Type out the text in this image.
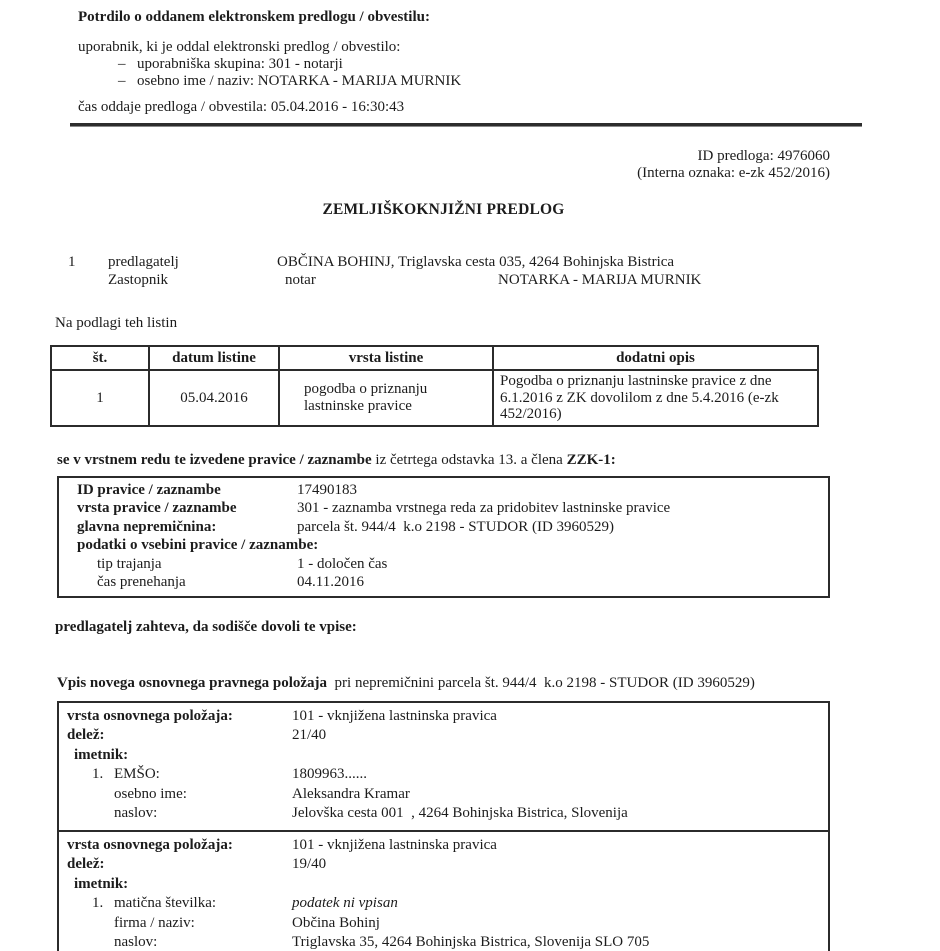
Potrdilo o oddanem elektronskem predlogu / obvestilu:

uporabnik, ki je oddal elektronski predlog / obvestilo:

– uporabniška skupina: 301 - notarji
– osebno ime / naziv: NOTARKA - MARIJA MURNIK

čas oddaje predloga / obvestila: 05.04.2016 - 16:30:43

ID predloga: 4976060

(Interna oznaka: e-zk 452/2016)

ZEMLJIŠKOKNJIŽNI PREDLOG
1 predlagatelj	OBČINA BOHINJ, Triglavska cesta 035, 4264 Bohinjska Bistrica
Zastopnik	notar	NOTARKA - MARIJA MURNIK

Na podlagi teh listin

št.	datum listine	vrsta listine	dodatni opis
1	05.04.2016	pogodba o priznanju lastninske pravice	Pogodba o priznanju lastninske pravice z dne 6.1.2016 z ZK dovolilom z dne 5.4.2016 (e-zk 452/2016)

se v vrstnem redu te izvedene pravice / zaznambe iz četrtega odstavka 13. a člena ZZK-1:

ID pravice / zaznambe	17490183
vrsta pravice / zaznambe	301 - zaznamba vrstnega reda za pridobitev lastninske pravice
glavna nepremičnina:	parcela št. 944/4  k.o 2198 - STUDOR (ID 3960529)
podatki o vsebini pravice / zaznambe:
tip trajanja	1 - določen čas
čas prenehanja	04.11.2016

predlagatelj zahteva, da sodišče dovoli te vpise:

Vpis novega osnovnega pravnega položaja  pri nepremičnini parcela št. 944/4  k.o 2198 - STUDOR (ID 3960529)

vrsta osnovnega položaja:	101 - vknjižena lastninska pravica
delež:	21/40
imetnik:
1. EMŠO:	1809963......
osebno ime:	Aleksandra Kramar
naslov:	Jelovška cesta 001  , 4264 Bohinjska Bistrica, Slovenija
vrsta osnovnega položaja:	101 - vknjižena lastninska pravica
delež:	19/40
imetnik:
1. matična številka:	podatek ni vpisan
firma / naziv:	Občina Bohinj
naslov:	Triglavska 35, 4264 Bohinjska Bistrica, Slovenija SLO 705
